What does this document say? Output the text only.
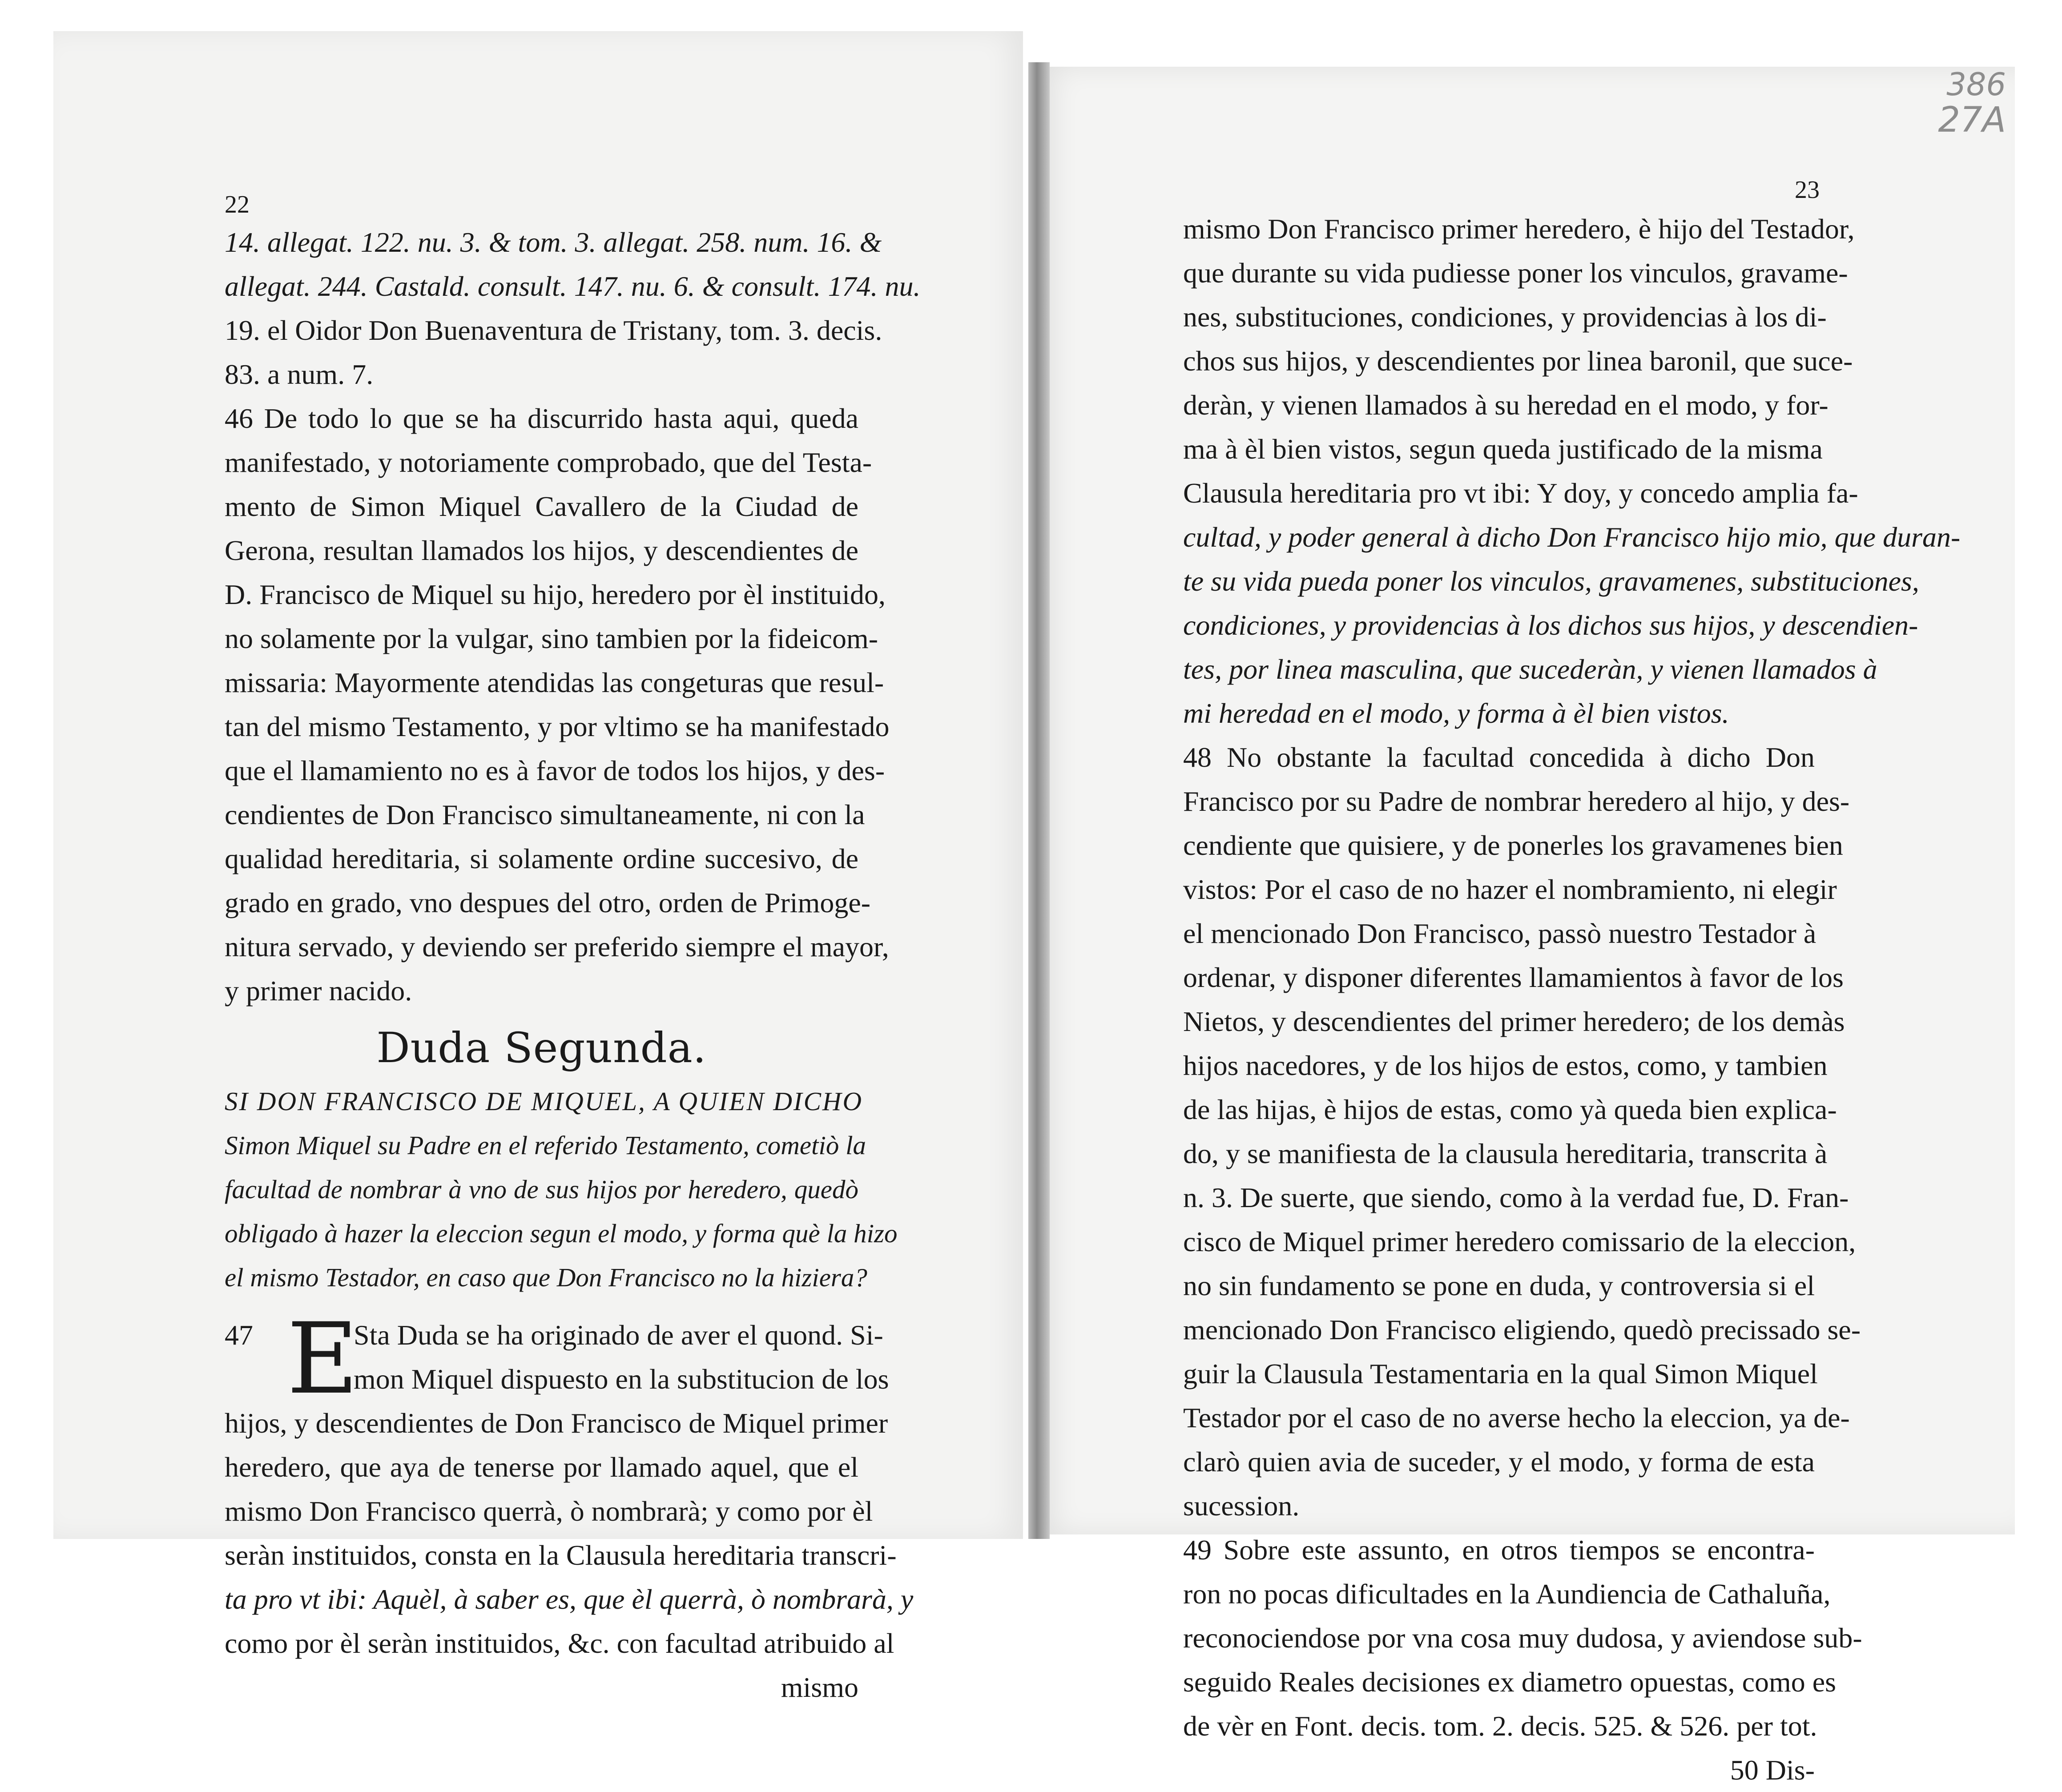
386
27A
22
14. allegat. 122. nu. 3. & tom. 3. allegat. 258. num. 16. &
allegat. 244. Castald. consult. 147. nu. 6. & consult. 174. nu.
19. el Oidor Don Buenaventura de Tristany, tom. 3. decis.
83. a num. 7.
46 De todo lo que se ha discurrido hasta aqui, queda
manifestado, y notoriamente comprobado, que del Testa-
mento de Simon Miquel Cavallero de la Ciudad de
Gerona, resultan llamados los hijos, y descendientes de
D. Francisco de Miquel su hijo, heredero por èl instituido,
no solamente por la vulgar, sino tambien por la fideicom-
missaria: Mayormente atendidas las congeturas que resul-
tan del mismo Testamento, y por vltimo se ha manifestado
que el llamamiento no es à favor de todos los hijos, y des-
cendientes de Don Francisco simultaneamente, ni con la
qualidad hereditaria, si solamente ordine succesivo, de
grado en grado, vno despues del otro, orden de Primoge-
nitura servado, y deviendo ser preferido siempre el mayor,
y primer nacido.
Duda Segunda.
SI DON FRANCISCO DE MIQUEL, A QUIEN DICHO
Simon Miquel su Padre en el referido Testamento, cometiò la
facultad de nombrar à vno de sus hijos por heredero, quedò
obligado à hazer la eleccion segun el modo, y forma què la hizo
el mismo Testador, en caso que Don Francisco no la hiziera?
47 E
Sta Duda se ha originado de aver el quond. Si-
mon Miquel dispuesto en la substitucion de los
hijos, y descendientes de Don Francisco de Miquel primer
heredero, que aya de tenerse por llamado aquel, que el
mismo Don Francisco querrà, ò nombrarà; y como por èl
seràn instituidos, consta en la Clausula hereditaria transcri-
ta pro vt ibi: Aquèl, à saber es, que èl querrà, ò nombrarà, y
como por èl seràn instituidos, &c. con facultad atribuido al
mismo
23
mismo Don Francisco primer heredero, è hijo del Testador,
que durante su vida pudiesse poner los vinculos, gravame-
nes, substituciones, condiciones, y providencias à los di-
chos sus hijos, y descendientes por linea baronil, que suce-
deràn, y vienen llamados à su heredad en el modo, y for-
ma à èl bien vistos, segun queda justificado de la misma
Clausula hereditaria pro vt ibi: Y doy, y concedo amplia fa-
cultad, y poder general à dicho Don Francisco hijo mio, que duran-
te su vida pueda poner los vinculos, gravamenes, substituciones,
condiciones, y providencias à los dichos sus hijos, y descendien-
tes, por linea masculina, que sucederàn, y vienen llamados à
mi heredad en el modo, y forma à èl bien vistos.
48 No obstante la facultad concedida à dicho Don
Francisco por su Padre de nombrar heredero al hijo, y des-
cendiente que quisiere, y de ponerles los gravamenes bien
vistos: Por el caso de no hazer el nombramiento, ni elegir
el mencionado Don Francisco, passò nuestro Testador à
ordenar, y disponer diferentes llamamientos à favor de los
Nietos, y descendientes del primer heredero; de los demàs
hijos nacedores, y de los hijos de estos, como, y tambien
de las hijas, è hijos de estas, como yà queda bien explica-
do, y se manifiesta de la clausula hereditaria, transcrita à
n. 3. De suerte, que siendo, como à la verdad fue, D. Fran-
cisco de Miquel primer heredero comissario de la eleccion,
no sin fundamento se pone en duda, y controversia si el
mencionado Don Francisco eligiendo, quedò precissado se-
guir la Clausula Testamentaria en la qual Simon Miquel
Testador por el caso de no averse hecho la eleccion, ya de-
clarò quien avia de suceder, y el modo, y forma de esta
sucession.
49 Sobre este assunto, en otros tiempos se encontra-
ron no pocas dificultades en la Aundiencia de Cathaluña,
reconociendose por vna cosa muy dudosa, y aviendose sub-
seguido Reales decisiones ex diametro opuestas, como es
de vèr en Font. decis. tom. 2. decis. 525. & 526. per tot.
50 Dis-
